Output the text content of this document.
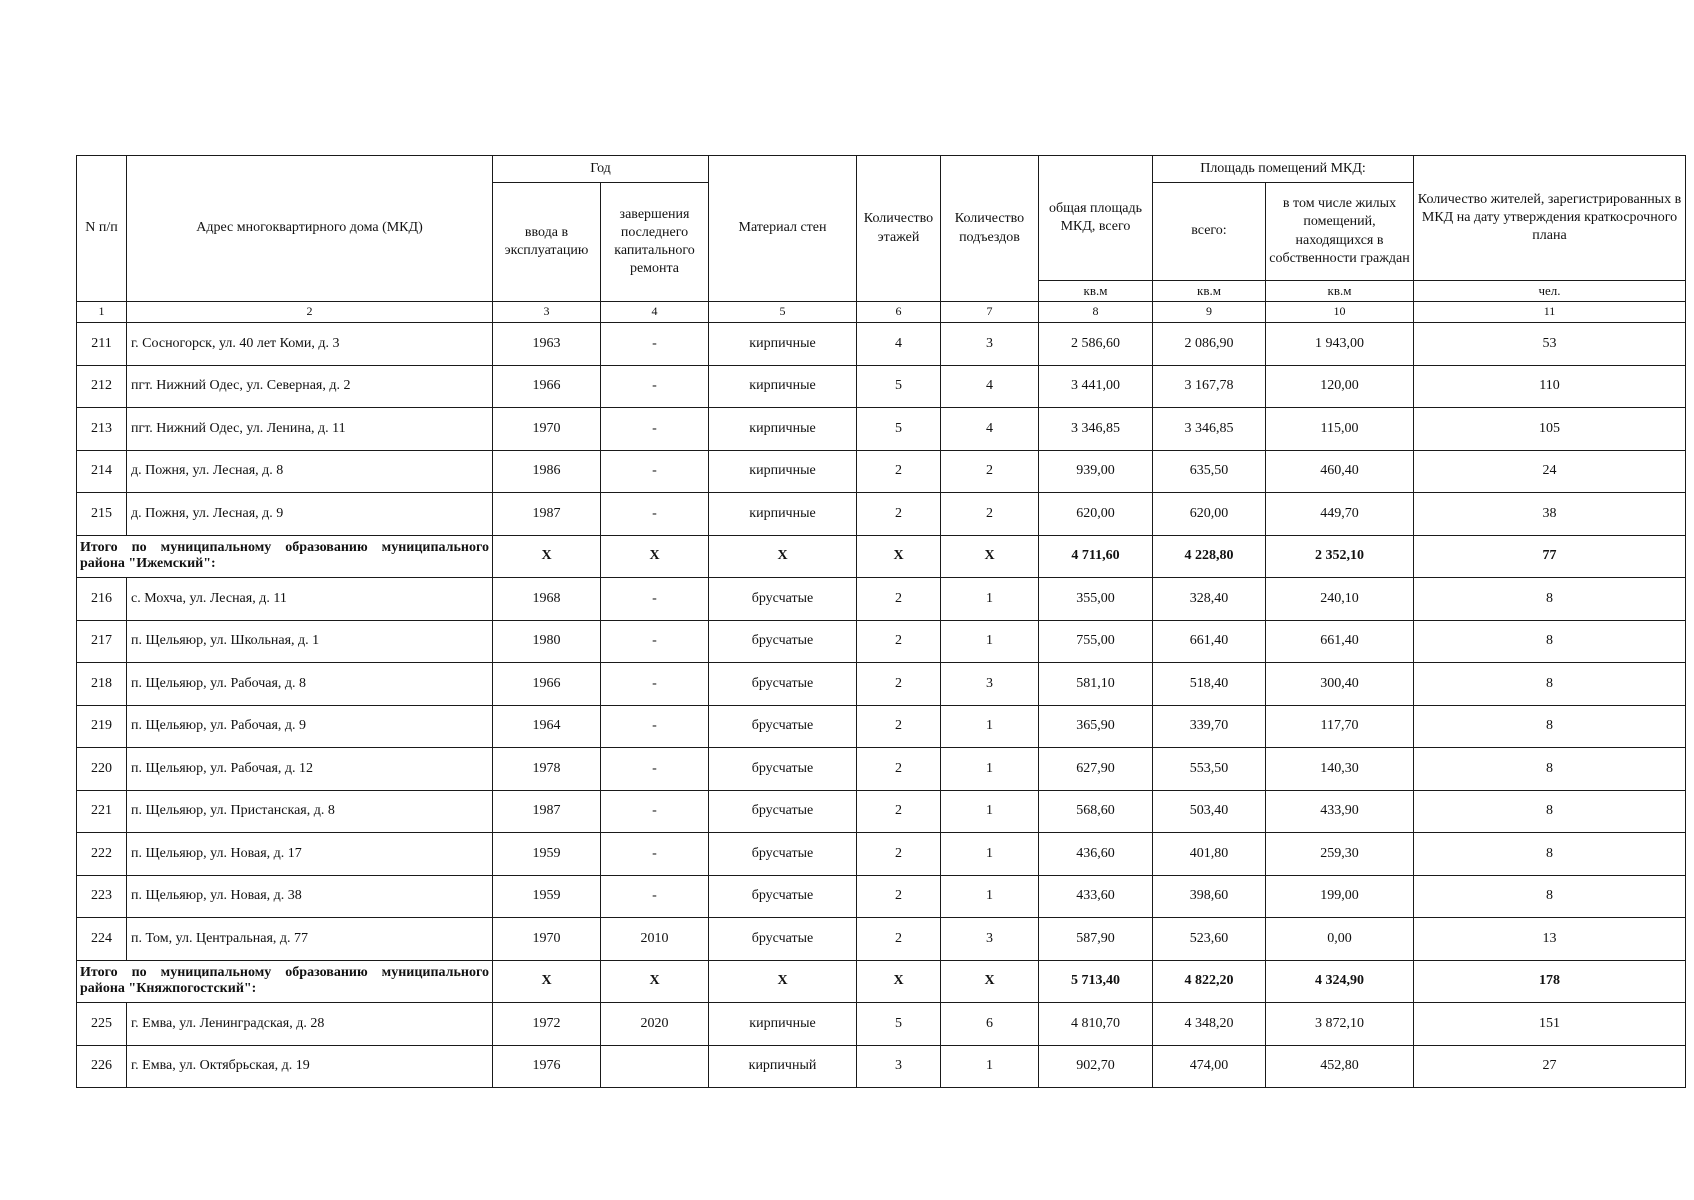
N п/п	Адрес многоквартирного дома (МКД)	Год		Материал стен	Количество этажей	Количество подъездов	общая площадь МКД, всего	Площадь помещений МКД:		Количество жителей, зарегистрированных в МКД на дату утверждения краткосрочного плана
		ввода в эксплуатацию	завершения последнего капитального ремонта					всего:	в том числе жилых помещений, находящихся в собственности граждан	
							кв.м	кв.м	кв.м	чел.
1	2	3	4	5	6	7	8	9	10	11
211	г. Сосногорск, ул. 40 лет Коми, д. 3	1963	-	кирпичные	4	3	2 586,60	2 086,90	1 943,00	53
212	пгт. Нижний Одес, ул. Северная, д. 2	1966	-	кирпичные	5	4	3 441,00	3 167,78	120,00	110
213	пгт. Нижний Одес, ул. Ленина, д. 11	1970	-	кирпичные	5	4	3 346,85	3 346,85	115,00	105
214	д. Пожня, ул. Лесная, д. 8	1986	-	кирпичные	2	2	939,00	635,50	460,40	24
215	д. Пожня, ул. Лесная, д. 9	1987	-	кирпичные	2	2	620,00	620,00	449,70	38
Итого по муниципальному образованию муниципального района "Ижемский":		X	X	X	X	X	4 711,60	4 228,80	2 352,10	77
216	с. Мохча, ул. Лесная, д. 11	1968	-	брусчатые	2	1	355,00	328,40	240,10	8
217	п. Щельяюр, ул. Школьная, д. 1	1980	-	брусчатые	2	1	755,00	661,40	661,40	8
218	п. Щельяюр, ул. Рабочая, д. 8	1966	-	брусчатые	2	3	581,10	518,40	300,40	8
219	п. Щельяюр, ул. Рабочая, д. 9	1964	-	брусчатые	2	1	365,90	339,70	117,70	8
220	п. Щельяюр, ул. Рабочая, д. 12	1978	-	брусчатые	2	1	627,90	553,50	140,30	8
221	п. Щельяюр, ул. Пристанская, д. 8	1987	-	брусчатые	2	1	568,60	503,40	433,90	8
222	п. Щельяюр, ул. Новая, д. 17	1959	-	брусчатые	2	1	436,60	401,80	259,30	8
223	п. Щельяюр, ул. Новая, д. 38	1959	-	брусчатые	2	1	433,60	398,60	199,00	8
224	п. Том, ул. Центральная, д. 77	1970	2010	брусчатые	2	3	587,90	523,60	0,00	13
Итого по муниципальному образованию муниципального района "Княжпогостский":		X	X	X	X	X	5 713,40	4 822,20	4 324,90	178
225	г. Емва, ул. Ленинградская, д. 28	1972	2020	кирпичные	5	6	4 810,70	4 348,20	3 872,10	151
226	г. Емва, ул. Октябрьская, д. 19	1976		кирпичный	3	1	902,70	474,00	452,80	27
